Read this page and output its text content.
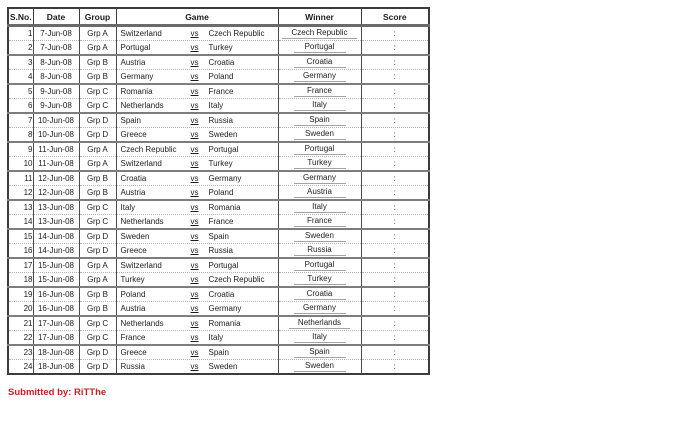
S.No.	Date	Group	Game	Winner	Score
1	7-Jun-08	Grp A	Switzerland vs Czech Republic	Czech Republic	:
2	7-Jun-08	Grp A	Portugal vs Turkey	Portugal	:
3	8-Jun-08	Grp B	Austria vs Croatia	Croatia	:
4	8-Jun-08	Grp B	Germany vs Poland	Germany	:
5	9-Jun-08	Grp C	Romania vs France	France	:
6	9-Jun-08	Grp C	Netherlands vs Italy	Italy	:
7	10-Jun-08	Grp D	Spain vs Russia	Spain	:
8	10-Jun-08	Grp D	Greece vs Sweden	Sweden	:
9	11-Jun-08	Grp A	Czech Republic vs Portugal	Portugal	:
10	11-Jun-08	Grp A	Switzerland vs Turkey	Turkey	:
11	12-Jun-08	Grp B	Croatia vs Germany	Germany	:
12	12-Jun-08	Grp B	Austria vs Poland	Austria	:
13	13-Jun-08	Grp C	Italy vs Romania	Italy	:
14	13-Jun-08	Grp C	Netherlands vs France	France	:
15	14-Jun-08	Grp D	Sweden vs Spain	Sweden	:
16	14-Jun-08	Grp D	Greece vs Russia	Russia	:
17	15-Jun-08	Grp A	Switzerland vs Portugal	Portugal	:
18	15-Jun-08	Grp A	Turkey vs Czech Republic	Turkey	:
19	16-Jun-08	Grp B	Poland vs Croatia	Croatia	:
20	16-Jun-08	Grp B	Austria vs Germany	Germany	:
21	17-Jun-08	Grp C	Netherlands vs Romania	Netherlands	:
22	17-Jun-08	Grp C	France vs Italy	Italy	:
23	18-Jun-08	Grp D	Greece vs Spain	Spain	:
24	18-Jun-08	Grp D	Russia vs Sweden	Sweden	:
Submitted by: RiTThe
